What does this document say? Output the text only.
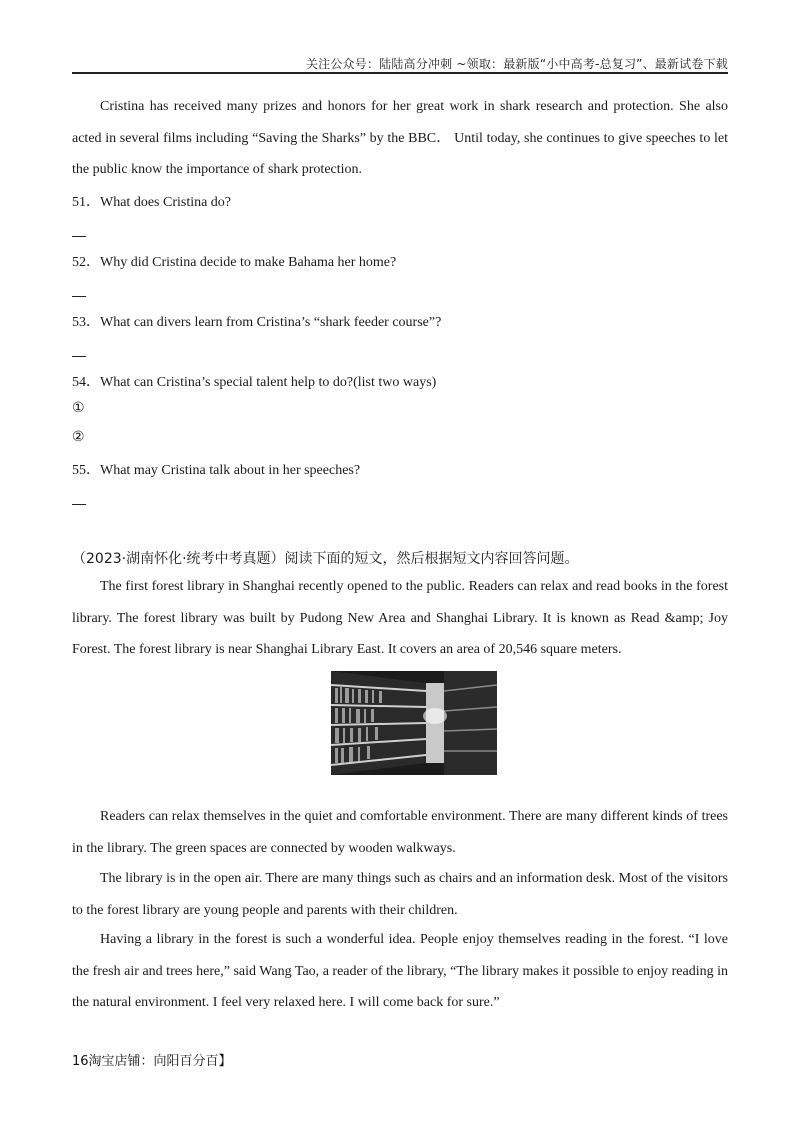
关注公众号：陆陆高分冲刺 ~领取：最新版“小中高考-总复习”、最新试卷下载

Cristina has received many prizes and honors for her great work in shark research and protection. She also acted in several films including “Saving the Sharks” by the BBC． Until today, she continues to give speeches to let the public know the importance of shark protection.

51．What does Cristina do?

52．Why did Cristina decide to make Bahama her home?

53．What can divers learn from Cristina’s “shark feeder course”?

54．What can Cristina’s special talent help to do?(list two ways)

①

②

55．What may Cristina talk about in her speeches?

（2023·湖南怀化·统考中考真题）阅读下面的短文，然后根据短文内容回答问题。

The first forest library in Shanghai recently opened to the public. Readers can relax and read books in the forest library. The forest library was built by Pudong New Area and Shanghai Library. It is known as Read &amp; Joy Forest. The forest library is near Shanghai Library East. It covers an area of 20,546 square meters.

Readers can relax themselves in the quiet and comfortable environment. There are many different kinds of trees in the library. The green spaces are connected by wooden walkways.

The library is in the open air. There are many things such as chairs and an information desk. Most of the visitors to the forest library are young people and parents with their children.

Having a library in the forest is such a wonderful idea. People enjoy themselves reading in the forest. “I love the fresh air and trees here,” said Wang Tao, a reader of the library, “The library makes it possible to enjoy reading in the natural environment. I feel very relaxed here. I will come back for sure.”

16淘宝店铺：向阳百分百】
